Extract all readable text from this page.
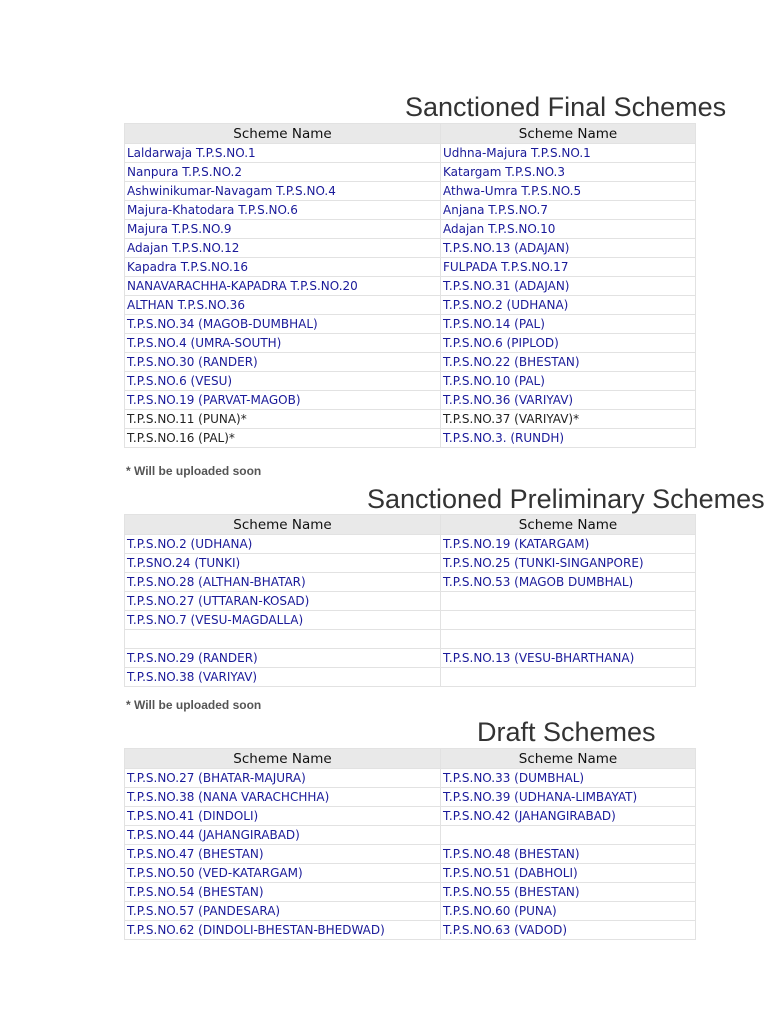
Sanctioned Final Schemes
Scheme Name	Scheme Name
Laldarwaja T.P.S.NO.1	Udhna-Majura T.P.S.NO.1
Nanpura T.P.S.NO.2	Katargam T.P.S.NO.3
Ashwinikumar-Navagam T.P.S.NO.4	Athwa-Umra T.P.S.NO.5
Majura-Khatodara T.P.S.NO.6	Anjana T.P.S.NO.7
Majura T.P.S.NO.9	Adajan T.P.S.NO.10
Adajan T.P.S.NO.12	T.P.S.NO.13 (ADAJAN)
Kapadra T.P.S.NO.16	FULPADA T.P.S.NO.17
NANAVARACHHA-KAPADRA T.P.S.NO.20	T.P.S.NO.31 (ADAJAN)
ALTHAN T.P.S.NO.36	T.P.S.NO.2 (UDHANA)
T.P.S.NO.34 (MAGOB-DUMBHAL)	T.P.S.NO.14 (PAL)
T.P.S.NO.4 (UMRA-SOUTH)	T.P.S.NO.6 (PIPLOD)
T.P.S.NO.30 (RANDER)	T.P.S.NO.22 (BHESTAN)
T.P.S.NO.6 (VESU)	T.P.S.NO.10 (PAL)
T.P.S.NO.19 (PARVAT-MAGOB)	T.P.S.NO.36 (VARIYAV)
T.P.S.NO.11 (PUNA)*	T.P.S.NO.37 (VARIYAV)*
T.P.S.NO.16 (PAL)*	T.P.S.NO.3. (RUNDH)
* Will be uploaded soon
Sanctioned Preliminary Schemes
Scheme Name	Scheme Name
T.P.S.NO.2 (UDHANA)	T.P.S.NO.19 (KATARGAM)
T.P.SNO.24 (TUNKI)	T.P.S.NO.25 (TUNKI-SINGANPORE)
T.P.S.NO.28 (ALTHAN-BHATAR)	T.P.S.NO.53 (MAGOB DUMBHAL)
T.P.S.NO.27 (UTTARAN-KOSAD)	
T.P.S.NO.7 (VESU-MAGDALLA)	

T.P.S.NO.29 (RANDER)	T.P.S.NO.13 (VESU-BHARTHANA)
T.P.S.NO.38 (VARIYAV)	
* Will be uploaded soon
Draft Schemes
Scheme Name	Scheme Name
T.P.S.NO.27 (BHATAR-MAJURA)	T.P.S.NO.33 (DUMBHAL)
T.P.S.NO.38 (NANA VARACHCHHA)	T.P.S.NO.39 (UDHANA-LIMBAYAT)
T.P.S.NO.41 (DINDOLI)	T.P.S.NO.42 (JAHANGIRABAD)
T.P.S.NO.44 (JAHANGIRABAD)	
T.P.S.NO.47 (BHESTAN)	T.P.S.NO.48 (BHESTAN)
T.P.S.NO.50 (VED-KATARGAM)	T.P.S.NO.51 (DABHOLI)
T.P.S.NO.54 (BHESTAN)	T.P.S.NO.55 (BHESTAN)
T.P.S.NO.57 (PANDESARA)	T.P.S.NO.60 (PUNA)
T.P.S.NO.62 (DINDOLI-BHESTAN-BHEDWAD)	T.P.S.NO.63 (VADOD)
